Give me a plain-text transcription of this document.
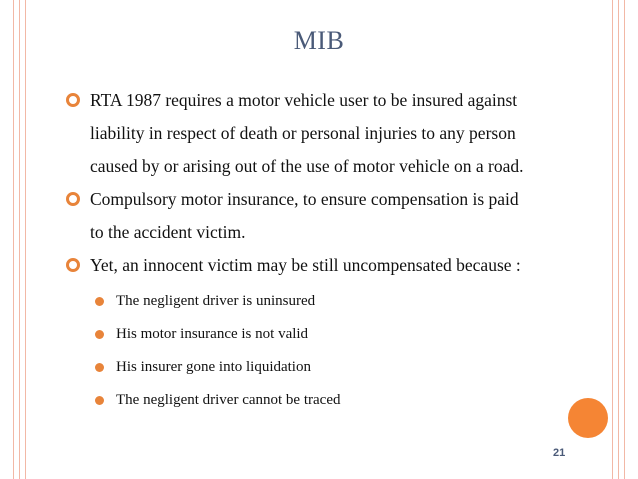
MIB
RTA 1987 requires a motor vehicle user to be insured against
liability in respect of death or personal injuries to any person
caused by or arising out of the use of motor vehicle on a road.
Compulsory motor insurance, to ensure compensation is paid
to the accident victim.
Yet, an innocent victim may be still uncompensated because :
The negligent driver is uninsured
His motor insurance is not valid
His insurer gone into liquidation
The negligent driver cannot be traced
21
